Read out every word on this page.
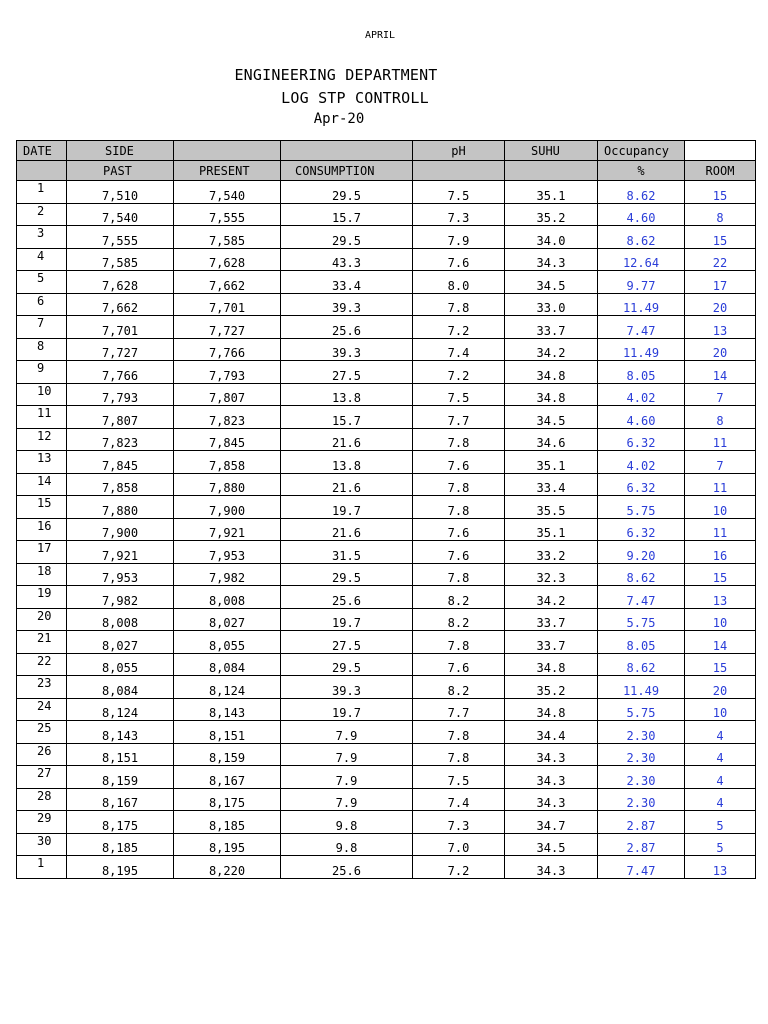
APRIL
ENGINEERING DEPARTMENT
LOG STP CONTROLL
Apr-20
DATE	SIDE			pH	SUHU	Occupancy	
	PAST	PRESENT	CONSUMPTION			%	ROOM
1	7,510	7,540	29.5	7.5	35.1	8.62	15
2	7,540	7,555	15.7	7.3	35.2	4.60	8
3	7,555	7,585	29.5	7.9	34.0	8.62	15
4	7,585	7,628	43.3	7.6	34.3	12.64	22
5	7,628	7,662	33.4	8.0	34.5	9.77	17
6	7,662	7,701	39.3	7.8	33.0	11.49	20
7	7,701	7,727	25.6	7.2	33.7	7.47	13
8	7,727	7,766	39.3	7.4	34.2	11.49	20
9	7,766	7,793	27.5	7.2	34.8	8.05	14
10	7,793	7,807	13.8	7.5	34.8	4.02	7
11	7,807	7,823	15.7	7.7	34.5	4.60	8
12	7,823	7,845	21.6	7.8	34.6	6.32	11
13	7,845	7,858	13.8	7.6	35.1	4.02	7
14	7,858	7,880	21.6	7.8	33.4	6.32	11
15	7,880	7,900	19.7	7.8	35.5	5.75	10
16	7,900	7,921	21.6	7.6	35.1	6.32	11
17	7,921	7,953	31.5	7.6	33.2	9.20	16
18	7,953	7,982	29.5	7.8	32.3	8.62	15
19	7,982	8,008	25.6	8.2	34.2	7.47	13
20	8,008	8,027	19.7	8.2	33.7	5.75	10
21	8,027	8,055	27.5	7.8	33.7	8.05	14
22	8,055	8,084	29.5	7.6	34.8	8.62	15
23	8,084	8,124	39.3	8.2	35.2	11.49	20
24	8,124	8,143	19.7	7.7	34.8	5.75	10
25	8,143	8,151	7.9	7.8	34.4	2.30	4
26	8,151	8,159	7.9	7.8	34.3	2.30	4
27	8,159	8,167	7.9	7.5	34.3	2.30	4
28	8,167	8,175	7.9	7.4	34.3	2.30	4
29	8,175	8,185	9.8	7.3	34.7	2.87	5
30	8,185	8,195	9.8	7.0	34.5	2.87	5
1	8,195	8,220	25.6	7.2	34.3	7.47	13
